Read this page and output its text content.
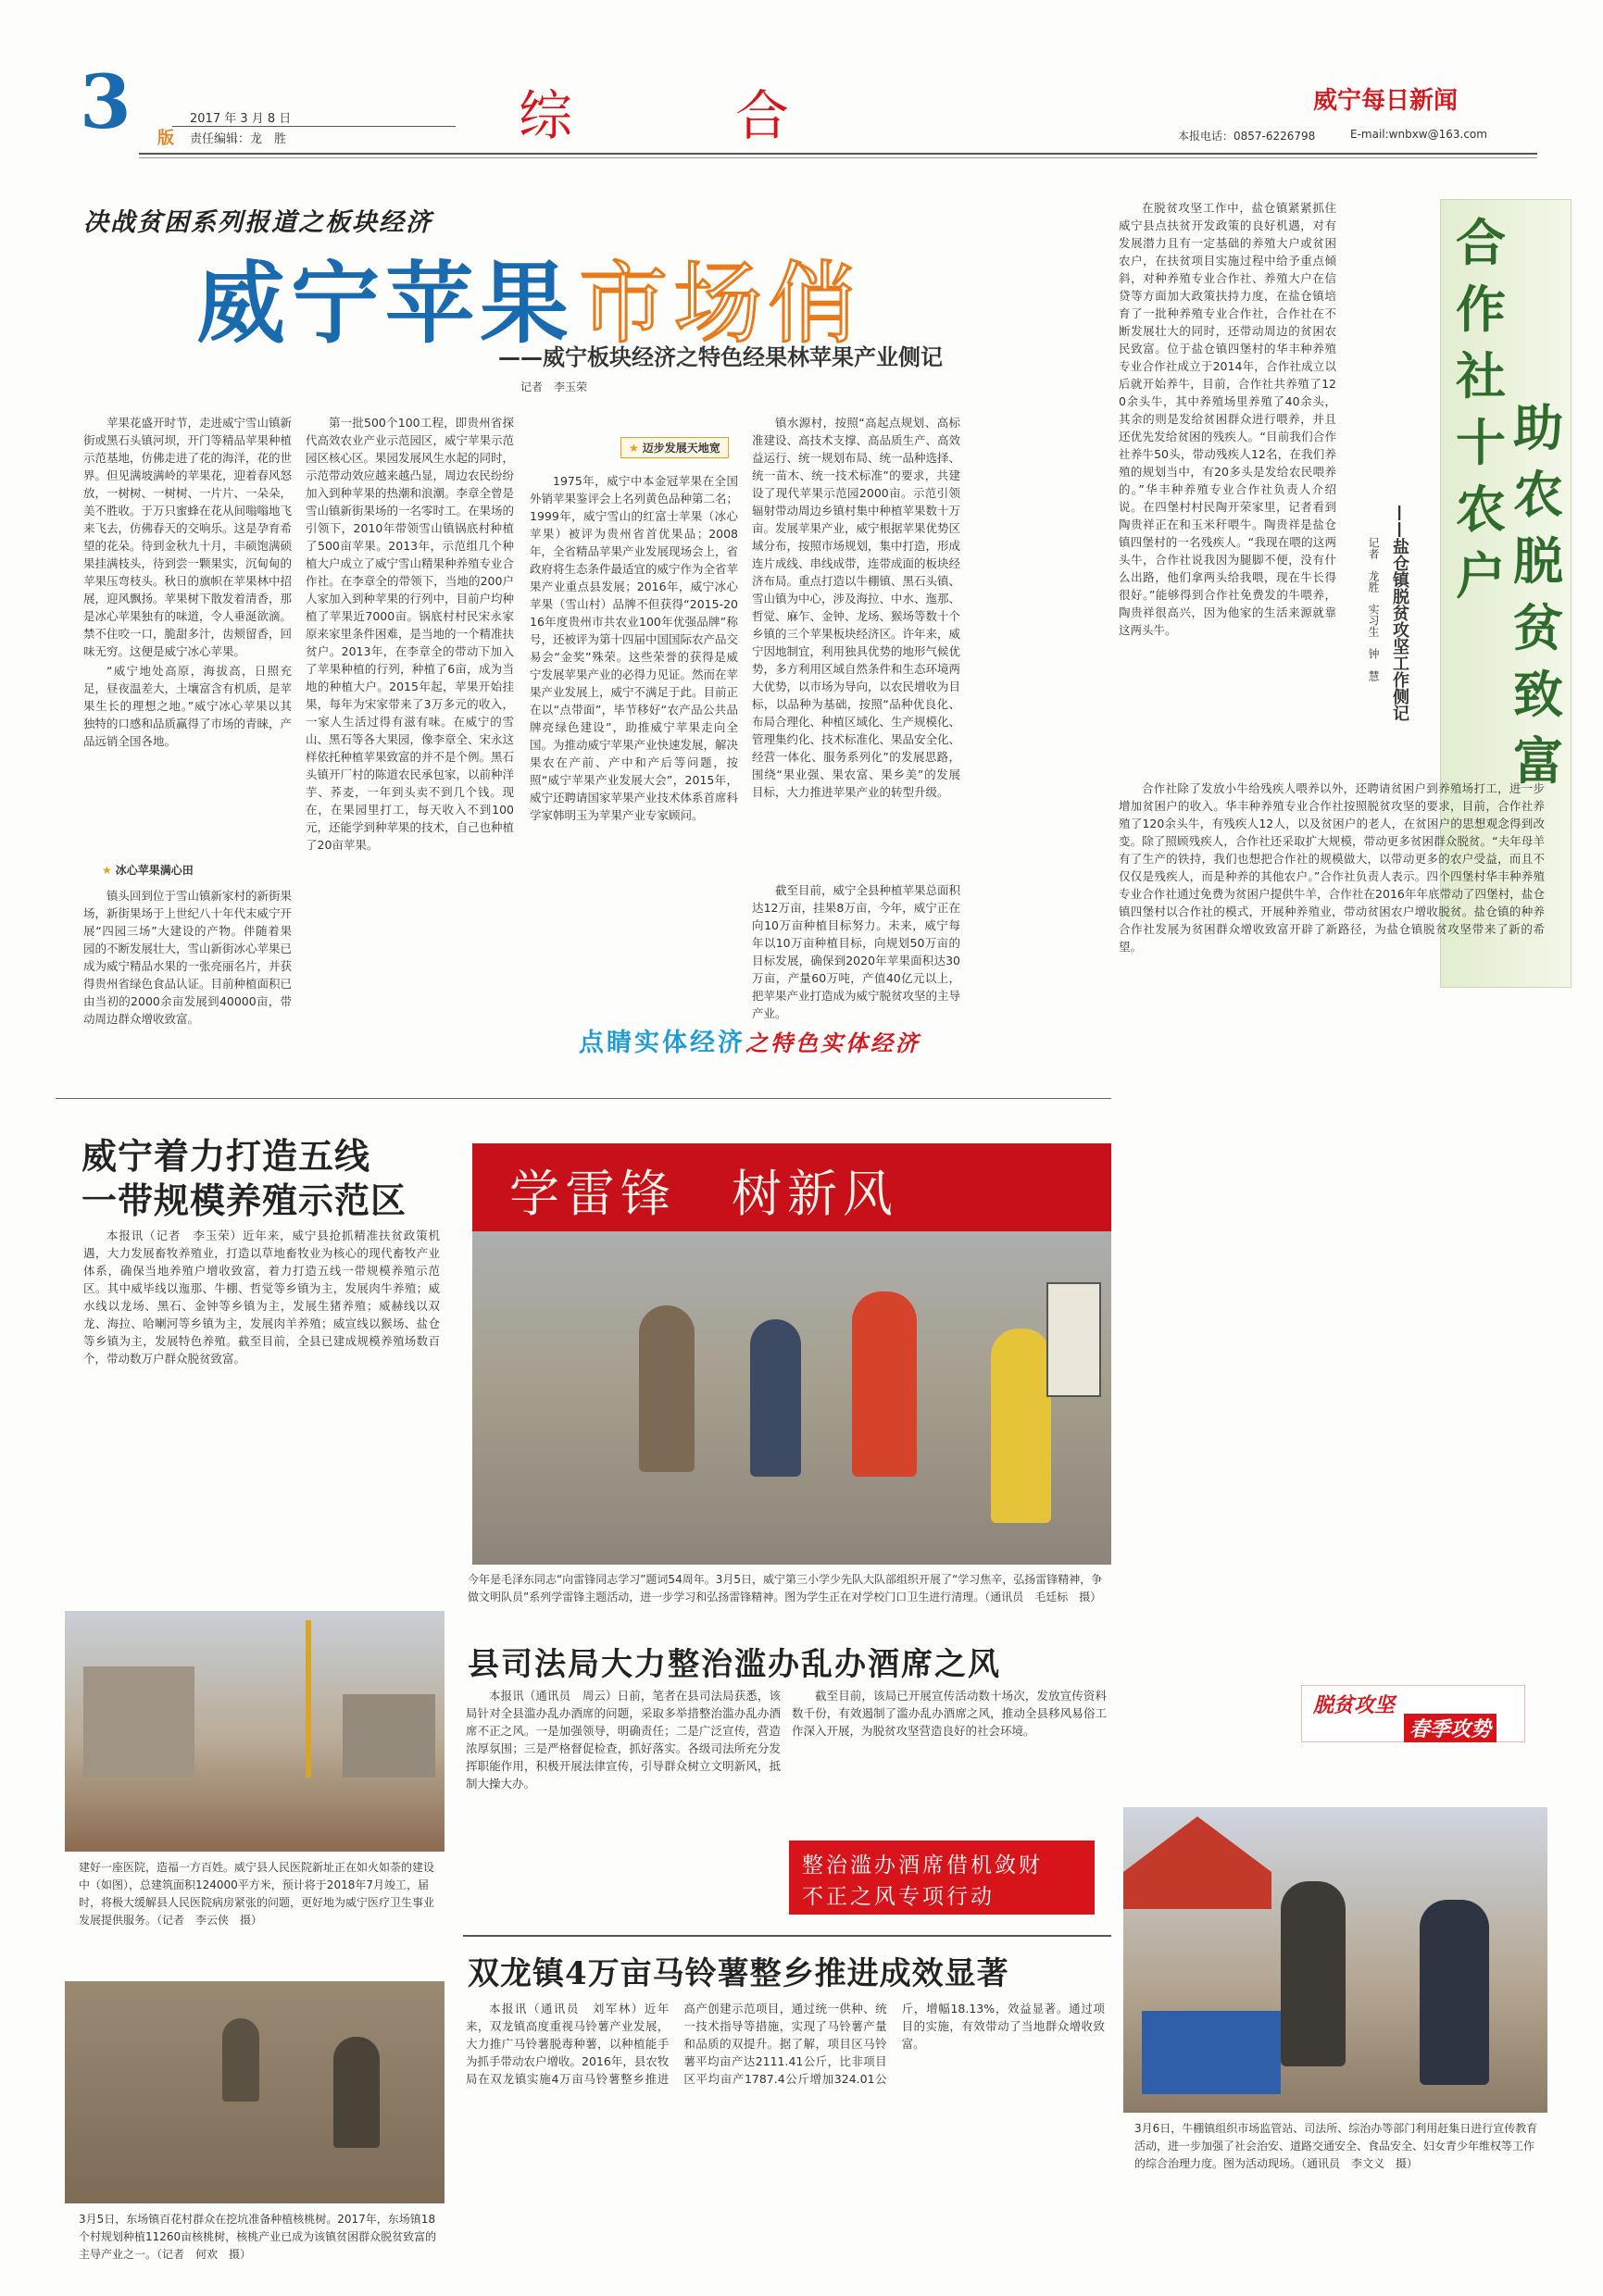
3 版
2017 年 3 月 8 日
责任编辑：龙　胜	综　　合	威宁每日新闻
本报电话：0857-6226798	E-mail:wnbxw@163.com
决战贫困系列报道之板块经济
威宁苹果 市场俏
——威宁板块经济之特色经果林苹果产业侧记
记者　李玉荣

苹果花盛开时节，走进威宁雪山镇新街或黑石头镇河坝，开门等精品苹果种植示范基地，仿佛走进了花的海洋，花的世界。但见满坡满岭的苹果花，迎着春风怒放，一树树、一树树、一片片、一朵朵，美不胜收。于万只蜜蜂在花从间嗡嗡地飞来飞去，仿佛春天的交响乐。这是孕育希望的花朵。待到金秋九十月，丰硕饱满硕果挂满枝头，待到尝一颗果实，沉甸甸的苹果压弯枝头。秋日的旗帜在苹果林中招展，迎风飘扬。苹果树下散发着清香，那是冰心苹果独有的味道，令人垂涎欲滴。禁不住咬一口，脆甜多汁，齿颊留香，回味无穷。这便是威宁冰心苹果。

“威宁地处高原，海拔高，日照充足，昼夜温差大，土壤富含有机质，是苹果生长的理想之地。”威宁冰心苹果以其独特的口感和品质赢得了市场的青睐，产品远销全国各地。

★ 冰心苹果满心田

镇头回到位于雪山镇新家村的新街果场，新街果场于上世纪八十年代末威宁开展“四园三场”大建设的产物。伴随着果园的不断发展壮大，雪山新街冰心苹果已成为威宁精品水果的一张亮丽名片，并获得贵州省绿色食品认证。目前种植面积已由当初的2000余亩发展到40000亩，带动周边群众增收致富。

第一批500个100工程，即贵州省探代高效农业产业示范园区，威宁苹果示范园区核心区。果园发展风生水起的同时，示范带动效应越来越凸显，周边农民纷纷加入到种苹果的热潮和浪潮。李章全曾是雪山镇新街果场的一名零时工。在果场的引领下，2010年带领雪山镇锅底村种植了500亩苹果。2013年，示范组几个种植大户成立了威宁雪山精果种养殖专业合作社。在李章全的带领下，当地的200户人家加入到种苹果的行列中，目前户均种植了苹果近7000亩。锅底村村民宋永家原来家里条件困难，是当地的一个精准扶贫户。2013年，在李章全的带动下加入了苹果种植的行列，种植了6亩，成为当地的种植大户。2015年起，苹果开始挂果，每年为宋家带来了3万多元的收入，一家人生活过得有滋有味。在威宁的雪山、黑石等各大果园，像李章全、宋永这样依托种植苹果致富的并不是个例。黑石头镇开厂村的陈道农民承包家，以前种洋芋、荞麦，一年到头卖不到几个钱。现在，在果园里打工，每天收入不到100元，还能学到种苹果的技术，自己也种植了20亩苹果。

★ 迈步发展天地宽

1975年，威宁中本金冠苹果在全国外销苹果鉴评会上名列黄色品种第二名；1999年，威宁雪山的红富士苹果（冰心苹果）被评为贵州省首优果品；2008年，全省精品苹果产业发展现场会上，省政府将生态条件最适宜的威宁作为全省苹果产业重点县发展；2016年，威宁冰心苹果（雪山村）品牌不但获得“2015-2016年度贵州市共农业100年优强品牌”称号，还被评为第十四届中国国际农产品交易会“金奖”殊荣。这些荣誉的获得是威宁发展苹果产业的必得力见证。然而在苹果产业发展上，威宁不满足于此。目前正在以“点带面”，毕节移好“农产品公共品牌亮绿色建设”，助推威宁苹果走向全国。为推动威宁苹果产业快速发展，解决果农在产前、产中和产后等问题，按照“威宁苹果产业发展大会”，2015年，威宁还聘请国家苹果产业技术体系首席科学家韩明玉为苹果产业专家顾问。

镇水源村，按照“高起点规划、高标准建设、高技术支撑、高品质生产、高效益运行、统一规划布局、统一品种选择、统一苗木、统一技术标准”的要求，共建设了现代苹果示范园2000亩。示范引领辐射带动周边乡镇村集中种植苹果数十万亩。发展苹果产业，威宁根据苹果优势区域分布，按照市场规划，集中打造，形成连片成线、串线成带，连带成面的板块经济布局。重点打造以牛棚镇、黑石头镇、雪山镇为中心，涉及海拉、中水、迤那、哲觉、麻乍、金钟、龙场、猴场等数十个乡镇的三个苹果板块经济区。许年来，威宁因地制宜，利用独具优势的地形气候优势，多方利用区域自然条件和生态环境两大优势，以市场为导向，以农民增收为目标，以品种为基础，按照“品种优良化、布局合理化、种植区域化、生产规模化、管理集约化、技术标准化、果品安全化、经营一体化、服务系列化”的发展思路，围绕“果业强、果农富、果乡美”的发展目标，大力推进苹果产业的转型升级。

截至目前，威宁全县种植苹果总面积达12万亩，挂果8万亩，今年，威宁正在向10万亩种植目标努力。未来，威宁每年以10万亩种植目标，向规划50万亩的目标发展，确保到2020年苹果面积达30万亩，产量60万吨，产值40亿元以上，把苹果产业打造成为威宁脱贫攻坚的主导产业。

点睛实体经济之特色实体经济
合作社十农户
助农脱贫致富
——盐仓镇脱贫攻坚工作侧记
记者　龙胜　实习生　钟　慧

在脱贫攻坚工作中，盐仓镇紧紧抓住威宁县点扶贫开发政策的良好机遇，对有发展潜力且有一定基础的养殖大户或贫困农户，在扶贫项目实施过程中给予重点倾斜，对种养殖专业合作社、养殖大户在信贷等方面加大政策扶持力度，在盐仓镇培育了一批种养殖专业合作社，合作社在不断发展壮大的同时，还带动周边的贫困农民致富。位于盐仓镇四堡村的华丰种养殖专业合作社成立于2014年，合作社成立以后就开始养牛，目前，合作社共养殖了120余头牛，其中养殖场里养殖了40余头，其余的则是发给贫困群众进行喂养，并且还优先发给贫困的残疾人。“目前我们合作社养牛50头，带动残疾人12名，在我们养殖的规划当中，有20多头是发给农民喂养的。”华丰种养殖专业合作社负责人介绍说。在四堡村村民陶开荣家里，记者看到陶贵祥正在和玉米秆喂牛。陶贵祥是盐仓镇四堡村的一名残疾人。“我现在喂的这两头牛，合作社说我因为腿脚不便，没有什么出路，他们拿两头给我喂，现在牛长得很好。”能够得到合作社免费发的牛喂养，陶贵祥很高兴，因为他家的生活来源就靠这两头牛。

合作社除了发放小牛给残疾人喂养以外，还聘请贫困户到养殖场打工，进一步增加贫困户的收入。华丰种养殖专业合作社按照脱贫攻坚的要求，目前，合作社养殖了120余头牛，有残疾人12人，以及贫困户的老人，在贫困户的思想观念得到改变。除了照顾残疾人，合作社还采取扩大规模，带动更多贫困群众脱贫。“夫年母羊有了生产的铁持，我们也想把合作社的规模做大，以带动更多的农户受益，而且不仅仅是残疾人，而是种养的其他农户。”合作社负责人表示。四个四堡村华丰种养殖专业合作社通过免费为贫困户提供牛羊，合作社在2016年年底带动了四堡村，盐仓镇四堡村以合作社的模式，开展种养殖业，带动贫困农户增收脱贫。盐仓镇的种养合作社发展为贫困群众增收致富开辟了新路径，为盐仓镇脱贫攻坚带来了新的希望。

脱贫攻坚
春季攻势
威宁着力打造五线
一带规模养殖示范区

本报讯（记者　李玉荣）近年来，威宁县抢抓精准扶贫政策机遇，大力发展畜牧养殖业，打造以草地畜牧业为核心的现代畜牧产业体系，确保当地养殖户增收致富，着力打造五线一带规模养殖示范区。其中威毕线以迤那、牛棚、哲觉等乡镇为主，发展肉牛养殖；威水线以龙场、黑石、金钟等乡镇为主，发展生猪养殖；威赫线以双龙、海拉、哈喇河等乡镇为主，发展肉羊养殖；威宣线以猴场、盐仓等乡镇为主，发展特色养殖。截至目前，全县已建成规模养殖场数百个，带动数万户群众脱贫致富。

学雷锋　树新风
今年是毛泽东同志“向雷锋同志学习”题词54周年。3月5日，威宁第三小学少先队大队部组织开展了“学习焦辛，弘扬雷锋精神，争做文明队员”系列学雷锋主题活动，进一步学习和弘扬雷锋精神。图为学生正在对学校门口卫生进行清理。（通讯员　毛廷标　摄）
建好一座医院，造福一方百姓。威宁县人民医院新址正在如火如荼的建设中（如图），总建筑面积124000平方米，预计将于2018年7月竣工，届时，将极大缓解县人民医院病房紧张的问题，更好地为威宁医疗卫生事业发展提供服务。（记者　李云侠　摄）
县司法局大力整治滥办乱办酒席之风

本报讯（通讯员　周云）日前，笔者在县司法局获悉，该局针对全县滥办乱办酒席的问题，采取多举措整治滥办乱办酒席不正之风。一是加强领导，明确责任；二是广泛宣传，营造浓厚氛围；三是严格督促检查，抓好落实。各级司法所充分发挥职能作用，积极开展法律宣传，引导群众树立文明新风，抵制大操大办。

截至目前，该局已开展宣传活动数十场次，发放宣传资料数千份，有效遏制了滥办乱办酒席之风，推动全县移风易俗工作深入开展，为脱贫攻坚营造良好的社会环境。

整治滥办酒席借机敛财
不正之风专项行动
3月5日，东场镇百花村群众在挖坑准备种植核桃树。2017年，东场镇18个村规划种植11260亩核桃树，核桃产业已成为该镇贫困群众脱贫致富的主导产业之一。（记者　何欢　摄）
双龙镇4万亩马铃薯整乡推进成效显著

本报讯（通讯员　刘军林）近年来，双龙镇高度重视马铃薯产业发展，大力推广马铃薯脱毒种薯，以种植能手为抓手带动农户增收。2016年，县农牧局在双龙镇实施4万亩马铃薯整乡推进高产创建示范项目，通过统一供种、统一技术指导等措施，实现了马铃薯产量和品质的双提升。据了解，项目区马铃薯平均亩产达2111.41公斤，比非项目区平均亩产1787.4公斤增加324.01公斤，增幅18.13%，效益显著。通过项目的实施，有效带动了当地群众增收致富。

3月6日，牛棚镇组织市场监管站、司法所、综治办等部门利用赶集日进行宣传教育活动，进一步加强了社会治安、道路交通安全、食品安全、妇女青少年维权等工作的综合治理力度。图为活动现场。（通讯员　李文义　摄）
